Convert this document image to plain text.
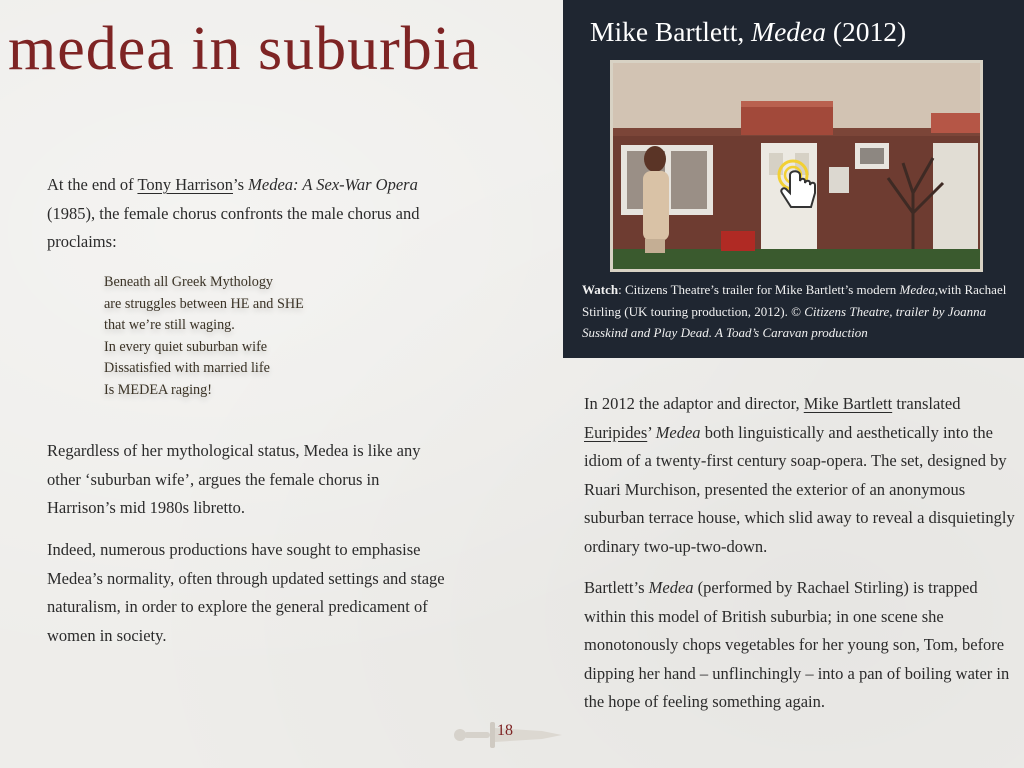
medea in suburbia

At the end of Tony Harrison’s Medea: A Sex-War Opera (1985), the female chorus confronts the male chorus and proclaims:

Beneath all Greek Mythology
are struggles between HE and SHE
that we’re still waging.
In every quiet suburban wife
Dissatisfied with married life
Is MEDEA raging!

Regardless of her mythological status, Medea is like any other ‘suburban wife’, argues the female chorus in Harrison’s mid 1980s libretto.

Indeed, numerous productions have sought to emphasise Medea’s normality, often through updated settings and stage naturalism, in order to explore the general predicament of women in society.

Mike Bartlett, Medea (2012)

Watch: Citizens Theatre’s trailer for Mike Bartlett’s modern Medea,with Rachael Stirling (UK touring production, 2012). © Citizens Theatre, trailer by Joanna Susskind and Play Dead. A Toad’s Caravan production

In 2012 the adaptor and director, Mike Bartlett translated Euripides’ Medea both linguistically and aesthetically into the idiom of a twenty-first century soap-opera. The set, designed by Ruari Murchison, presented the exterior of an anonymous suburban terrace house, which slid away to reveal a disquietingly ordinary two-up-two-down.

Bartlett’s Medea (performed by Rachael Stirling) is trapped within this model of British suburbia; in one scene she monotonously chops vegetables for her young son, Tom, before dipping her hand – unflinchingly – into a pan of boiling water in the hope of feeling something again.

18
